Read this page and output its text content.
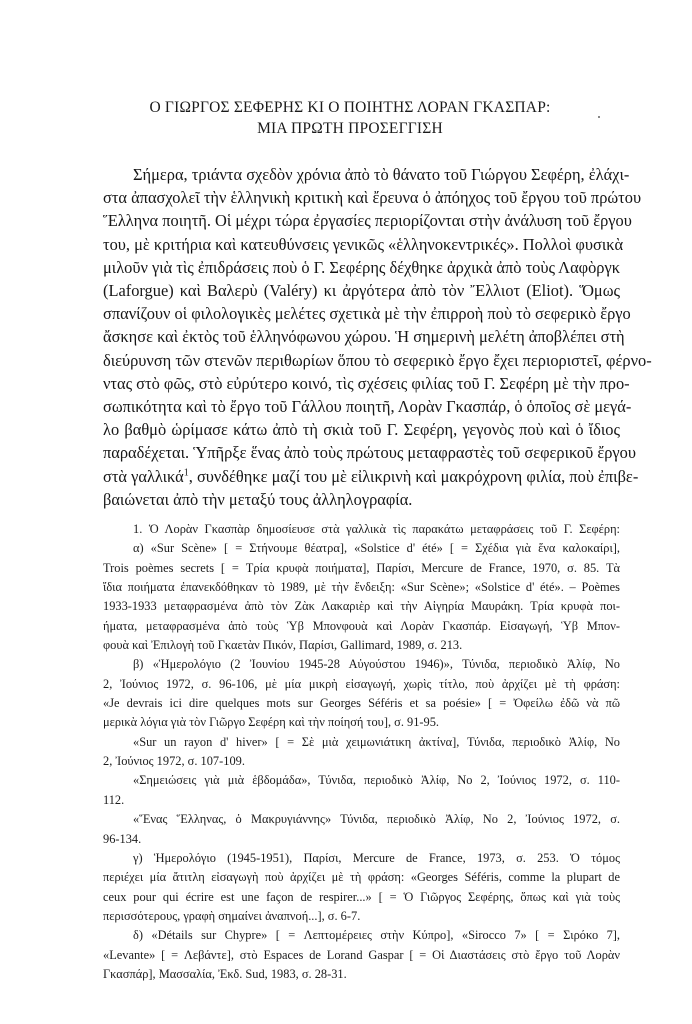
Ο ΓΙΩΡΓΟΣ ΣΕΦΕΡΗΣ ΚΙ Ο ΠΟΙΗΤΗΣ ΛΟΡΑΝ ΓΚΑΣΠΑΡ:
ΜΙΑ ΠΡΩΤΗ ΠΡΟΣΕΓΓΙΣΗ
Σήμερα, τριάντα σχεδὸν χρόνια ἀπὸ τὸ θάνατο τοῦ Γιώργου Σεφέρη, ἐλάχι-
στα ἀπασχολεῖ τὴν ἑλληνικὴ κριτικὴ καὶ ἔρευνα ὁ ἀπόηχος τοῦ ἔργου τοῦ πρώτου
Ἕλληνα ποιητῆ. Οἱ μέχρι τώρα ἐργασίες περιορίζονται στὴν ἀνάλυση τοῦ ἔργου
του, μὲ κριτήρια καὶ κατευθύνσεις γενικῶς «ἑλληνοκεντρικές». Πολλοὶ φυσικὰ
μιλοῦν γιὰ τὶς ἐπιδράσεις ποὺ ὁ Γ. Σεφέρης δέχθηκε ἀρχικὰ ἀπὸ τοὺς Λαφὸργκ
(Laforgue) καὶ Βαλερὺ (Valéry) κι ἀργότερα ἀπὸ τὸν Ἔλλιοτ (Eliot). Ὅμως
σπανίζουν οἱ φιλολογικὲς μελέτες σχετικὰ μὲ τὴν ἐπιρροὴ ποὺ τὸ σεφερικὸ ἔργο
ἄσκησε καὶ ἐκτὸς τοῦ ἑλληνόφωνου χώρου. Ἡ σημερινὴ μελέτη ἀποβλέπει στὴ
διεύρυνση τῶν στενῶν περιθωρίων ὅπου τὸ σεφερικὸ ἔργο ἔχει περιοριστεῖ, φέρνο-
ντας στὸ φῶς, στὸ εὐρύτερο κοινό, τὶς σχέσεις φιλίας τοῦ Γ. Σεφέρη μὲ τὴν προ-
σωπικότητα καὶ τὸ ἔργο τοῦ Γάλλου ποιητῆ, Λορὰν Γκασπάρ, ὁ ὁποῖος σὲ μεγά-
λο βαθμὸ ὡρίμασε κάτω ἀπὸ τὴ σκιὰ τοῦ Γ. Σεφέρη, γεγονὸς ποὺ καὶ ὁ ἴδιος
παραδέχεται. Ὑπῆρξε ἕνας ἀπὸ τοὺς πρώτους μεταφραστὲς τοῦ σεφερικοῦ ἔργου
στὰ γαλλικά$^1$, συνδέθηκε μαζί του μὲ εἰλικρινὴ καὶ μακρόχρονη φιλία, ποὺ ἐπιβε-
βαιώνεται ἀπὸ τὴν μεταξύ τους ἀλληλογραφία.
1. Ὁ Λορὰν Γκασπὰρ δημοσίευσε στὰ γαλλικὰ τὶς παρακάτω μεταφράσεις τοῦ Γ. Σεφέρη:
α) «Sur Scène» [ = Στήνουμε θέατρα], «Solstice d' été» [ = Σχέδια γιὰ ἕνα καλοκαίρι],
Trois poèmes secrets [ = Τρία κρυφὰ ποιήματα], Παρίσι, Mercure de France, 1970, σ. 85. Τὰ
ἴδια ποιήματα ἐπανεκδόθηκαν τὸ 1989, μὲ τὴν ἔνδειξη: «Sur Scène»; «Solstice d' été». – Poèmes
1933-1933 μεταφρασμένα ἀπὸ τὸν Ζὰκ Λακαριὲρ καὶ τὴν Αἰγηρία Μαυράκη. Τρία κρυφὰ ποι-
ήματα, μεταφρασμένα ἀπὸ τοὺς Ὑβ Μπονφουὰ καὶ Λορὰν Γκασπάρ. Εἰσαγωγή, Ὑβ Μπον-
φουὰ καὶ Ἐπιλογὴ τοῦ Γκαετὰν Πικόν, Παρίσι, Gallimard, 1989, σ. 213.
β) «Ἡμερολόγιο (2 Ἰουνίου 1945-28 Αὐγούστου 1946)», Τύνιδα, περιοδικὸ Ἀλίφ, Νο
2, Ἰούνιος 1972, σ. 96-106, μὲ μία μικρὴ εἰσαγωγή, χωρὶς τίτλο, ποὺ ἀρχίζει μὲ τὴ φράση:
«Je devrais ici dire quelques mots sur Georges Séféris et sa poésie» [ = Ὀφείλω ἐδῶ νὰ πῶ
μερικὰ λόγια γιὰ τὸν Γιῶργο Σεφέρη καὶ τὴν ποίησή του], σ. 91-95.
«Sur un rayon d' hiver» [ = Σὲ μιὰ χειμωνιάτικη ἀκτίνα], Τύνιδα, περιοδικὸ Ἀλίφ, Νο
2, Ἰούνιος 1972, σ. 107-109.
«Σημειώσεις γιὰ μιὰ ἑβδομάδα», Τύνιδα, περιοδικὸ Ἀλίφ, Νο 2, Ἰούνιος 1972, σ. 110-
112.
«Ἕνας Ἕλληνας, ὁ Μακρυγιάννης» Τύνιδα, περιοδικὸ Ἀλίφ, Νο 2, Ἰούνιος 1972, σ.
96-134.
γ) Ἡμερολόγιο (1945-1951), Παρίσι, Mercure de France, 1973, σ. 253. Ὁ τόμος
περιέχει μία ἄτιτλη εἰσαγωγὴ ποὺ ἀρχίζει μὲ τὴ φράση: «Georges Séféris, comme la plupart de
ceux pour qui écrire est une façon de respirer...» [ = Ὁ Γιῶργος Σεφέρης, ὅπως καὶ γιὰ τοὺς
περισσότερους, γραφὴ σημαίνει ἀναπνοή...], σ. 6-7.
δ) «Détails sur Chypre» [ = Λεπτομέρειες στὴν Κύπρο], «Sirocco 7» [ = Σιρόκο 7],
«Levante» [ = Λεβάντε], στὸ Espaces de Lorand Gaspar [ = Οἱ Διαστάσεις στὸ ἔργο τοῦ Λορὰν
Γκασπάρ], Μασσαλία, Ἐκδ. Sud, 1983, σ. 28-31.
